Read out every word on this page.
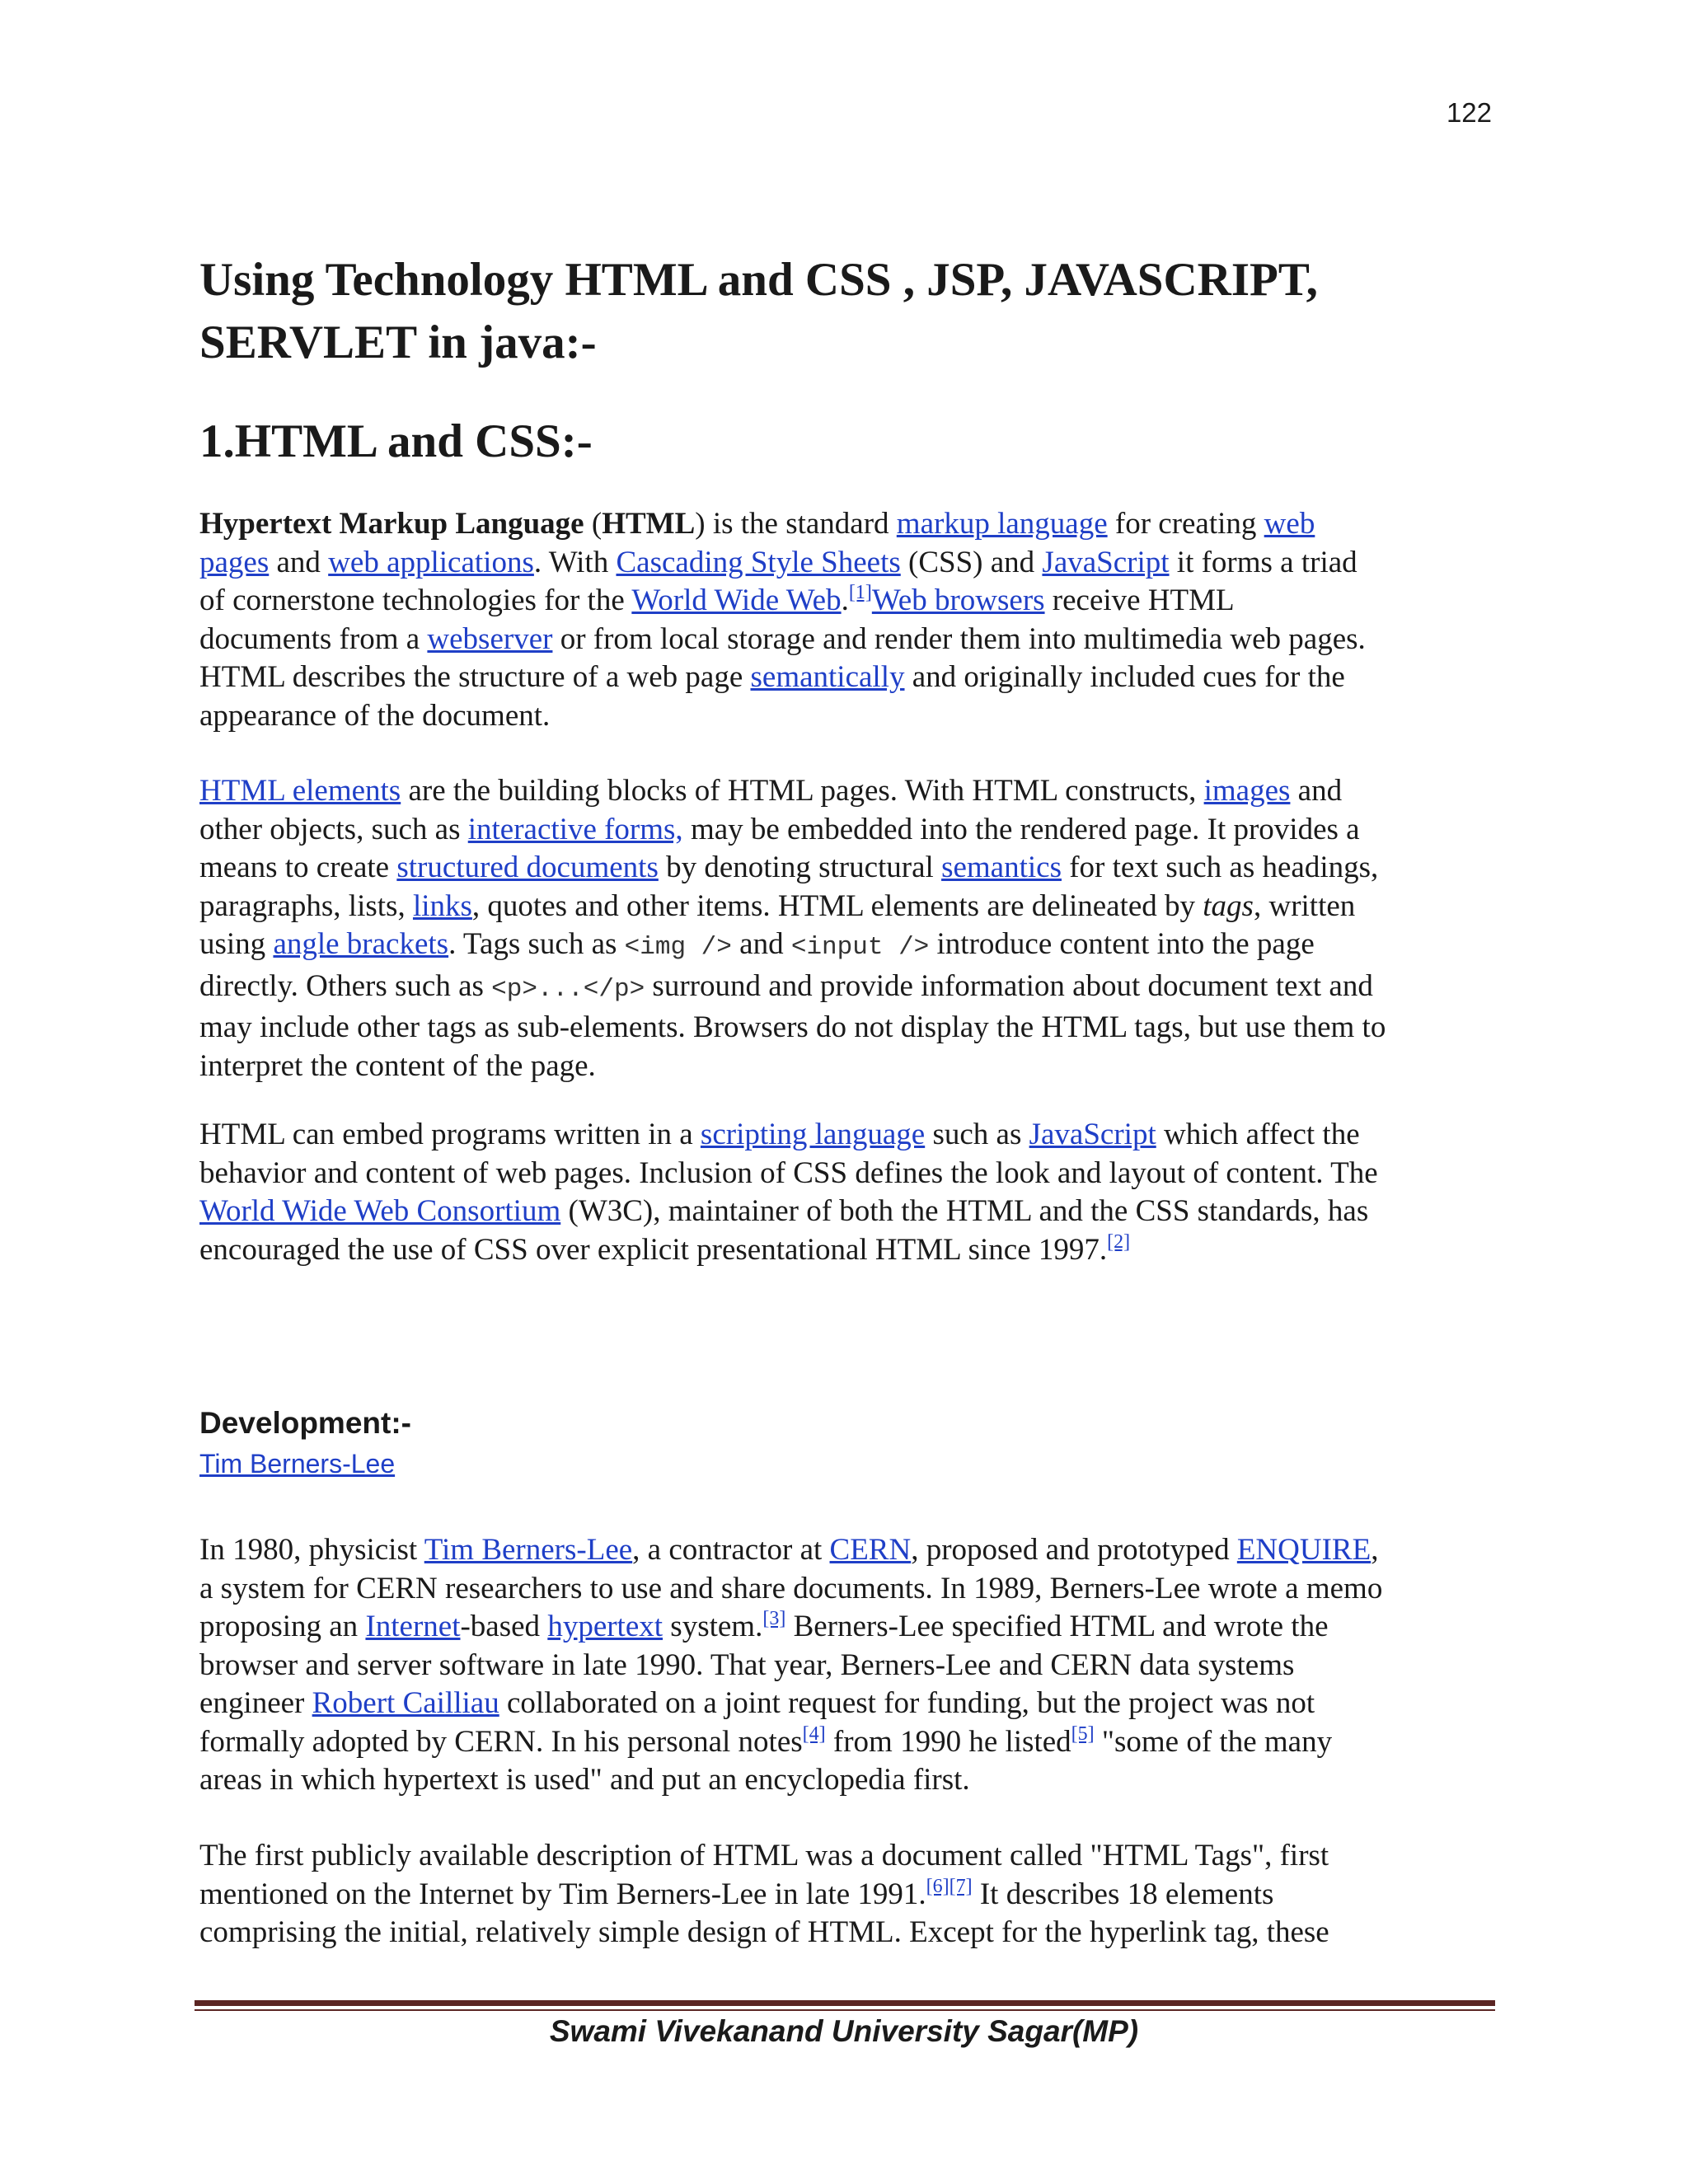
122
Using Technology HTML and CSS , JSP, JAVASCRIPT,
SERVLET in java:-
1.HTML and CSS:-

Hypertext Markup Language (HTML) is the standard markup language for creating web
pages and web applications. With Cascading Style Sheets (CSS) and JavaScript it forms a triad
of cornerstone technologies for the World Wide Web.[1]Web browsers receive HTML
documents from a webserver or from local storage and render them into multimedia web pages.
HTML describes the structure of a web page semantically and originally included cues for the
appearance of the document.

HTML elements are the building blocks of HTML pages. With HTML constructs, images and
other objects, such as interactive forms, may be embedded into the rendered page. It provides a
means to create structured documents by denoting structural semantics for text such as headings,
paragraphs, lists, links, quotes and other items. HTML elements are delineated by tags, written
using angle brackets. Tags such as <img /> and <input /> introduce content into the page
directly. Others such as <p>...</p> surround and provide information about document text and
may include other tags as sub-elements. Browsers do not display the HTML tags, but use them to
interpret the content of the page.

HTML can embed programs written in a scripting language such as JavaScript which affect the
behavior and content of web pages. Inclusion of CSS defines the look and layout of content. The
World Wide Web Consortium (W3C), maintainer of both the HTML and the CSS standards, has
encouraged the use of CSS over explicit presentational HTML since 1997.[2]

Development:-
Tim Berners-Lee

In 1980, physicist Tim Berners-Lee, a contractor at CERN, proposed and prototyped ENQUIRE,
a system for CERN researchers to use and share documents. In 1989, Berners-Lee wrote a memo
proposing an Internet-based hypertext system.[3] Berners-Lee specified HTML and wrote the
browser and server software in late 1990. That year, Berners-Lee and CERN data systems
engineer Robert Cailliau collaborated on a joint request for funding, but the project was not
formally adopted by CERN. In his personal notes[4] from 1990 he listed[5] "some of the many
areas in which hypertext is used" and put an encyclopedia first.

The first publicly available description of HTML was a document called "HTML Tags", first
mentioned on the Internet by Tim Berners-Lee in late 1991.[6][7] It describes 18 elements
comprising the initial, relatively simple design of HTML. Except for the hyperlink tag, these

Swami Vivekanand University Sagar(MP)
